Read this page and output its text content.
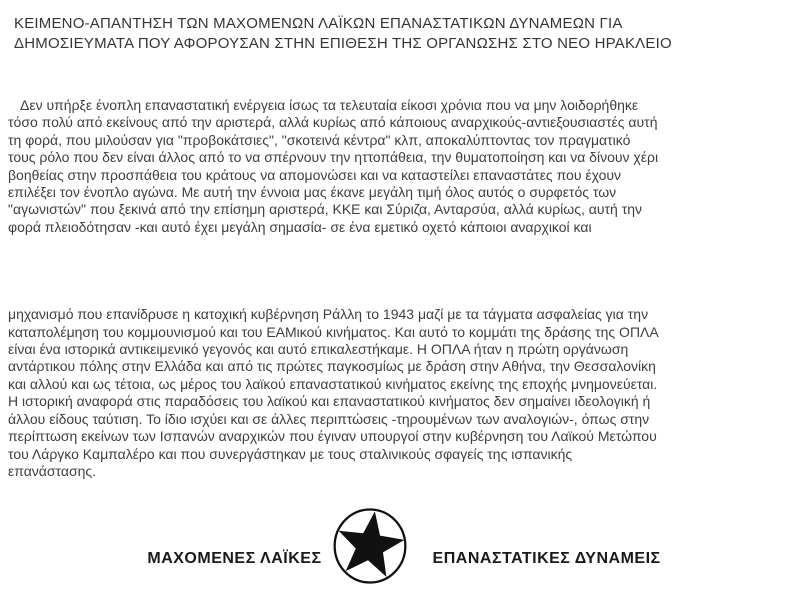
ΚΕΙΜΕΝΟ-ΑΠΑΝΤΗΣΗ ΤΩΝ ΜΑΧΟΜΕΝΩΝ ΛΑΪΚΩΝ ΕΠΑΝΑΣΤΑΤΙΚΩΝ ΔΥΝΑΜΕΩΝ ΓΙΑ
ΔΗΜΟΣΙΕΥΜΑΤΑ ΠΟΥ ΑΦΟΡΟΥΣΑΝ ΣΤΗΝ ΕΠΙΘΕΣΗ ΤΗΣ ΟΡΓΑΝΩΣΗΣ ΣΤΟ ΝΕΟ ΗΡΑΚΛΕΙΟ
Δεν υπήρξε ένοπλη επαναστατική ενέργεια ίσως τα τελευταία είκοσι χρόνια που να μην λοιδορήθηκε
τόσο πολύ από εκείνους από την αριστερά, αλλά κυρίως από κάποιους αναρχικούς-αντιεξουσιαστές αυτή
τη φορά, που μιλούσαν για "προβοκάτσιες", "σκοτεινά κέντρα" κλπ, αποκαλύπτοντας τον πραγματικό
τους ρόλο που δεν είναι άλλος από το να σπέρνουν την ηττοπάθεια, την θυματοποίηση και να δίνουν χέρι
βοηθείας στην προσπάθεια του κράτους να απομονώσει και να καταστείλει επαναστάτες που έχουν
επιλέξει τον ένοπλο αγώνα. Με αυτή την έννοια μας έκανε μεγάλη τιμή όλος αυτός ο συρφετός των
"αγωνιστών" που ξεκινά από την επίσημη αριστερά, ΚΚΕ και Σύριζα, Ανταρσύα, αλλά κυρίως, αυτή την
φορά πλειοδότησαν -και αυτό έχει μεγάλη σημασία- σε ένα εμετικό οχετό κάποιοι αναρχικοί και
μηχανισμό που επανίδρυσε η κατοχική κυβέρνηση Ράλλη το 1943 μαζί με τα τάγματα ασφαλείας για την
καταπολέμηση του κομμουνισμού και του ΕΑΜικού κινήματος. Και αυτό το κομμάτι της δράσης της ΟΠΛΑ
είναι ένα ιστορικά αντικειμενικό γεγονός και αυτό επικαλεστήκαμε. Η ΟΠΛΑ ήταν η πρώτη οργάνωση
αντάρτικου πόλης στην Ελλάδα και από τις πρώτες παγκοσμίως με δράση στην Αθήνα, την Θεσσαλονίκη
και αλλού και ως τέτοια, ως μέρος του λαϊκού επαναστατικού κινήματος εκείνης της εποχής μνημονεύεται.
Η ιστορική αναφορά στις παραδόσεις του λαϊκού και επαναστατικού κινήματος δεν σημαίνει ιδεολογική ή
άλλου είδους ταύτιση. Το ίδιο ισχύει και σε άλλες περιπτώσεις -τηρουμένων των αναλογιών-, όπως στην
περίπτωση εκείνων των Ισπανών αναρχικών που έγιναν υπουργοί στην κυβέρνηση του Λαϊκού Μετώπου
του Λάργκο Καμπαλέρο και που συνεργάστηκαν με τους σταλινικούς σφαγείς της ισπανικής
επανάστασης.
ΜΑΧΟΜΕΝΕΣ ΛΑΪΚΕΣ	ΕΠΑΝΑΣΤΑΤΙΚΕΣ ΔΥΝΑΜΕΙΣ
